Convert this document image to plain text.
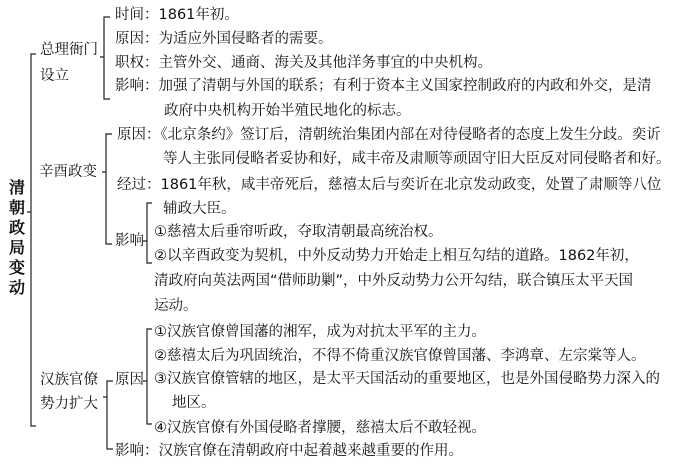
清朝政局变动
总理衙门
设立
时间：1861年初。
原因：为适应外国侵略者的需要。
职权：主管外交、通商、海关及其他洋务事宜的中央机构。
影响：加强了清朝与外国的联系；有利于资本主义国家控制政府的内政和外交，是清
政府中央机构开始半殖民地化的标志。
辛酉政变
原因：《北京条约》签订后，清朝统治集团内部在对待侵略者的态度上发生分歧。奕䜣
等人主张同侵略者妥协和好，咸丰帝及肃顺等顽固守旧大臣反对同侵略者和好。
经过：1861年秋，咸丰帝死后，慈禧太后与奕䜣在北京发动政变，处置了肃顺等八位
辅政大臣。
影响
①慈禧太后垂帘听政，夺取清朝最高统治权。
②以辛酉政变为契机，中外反动势力开始走上相互勾结的道路。1862年初，
清政府向英法两国“借师助剿”，中外反动势力公开勾结，联合镇压太平天国
运动。
汉族官僚
势力扩大
原因
①汉族官僚曾国藩的湘军，成为对抗太平军的主力。
②慈禧太后为巩固统治，不得不倚重汉族官僚曾国藩、李鸿章、左宗棠等人。
③汉族官僚管辖的地区，是太平天国活动的重要地区，也是外国侵略势力深入的
地区。
④汉族官僚有外国侵略者撑腰，慈禧太后不敢轻视。
影响：汉族官僚在清朝政府中起着越来越重要的作用。
